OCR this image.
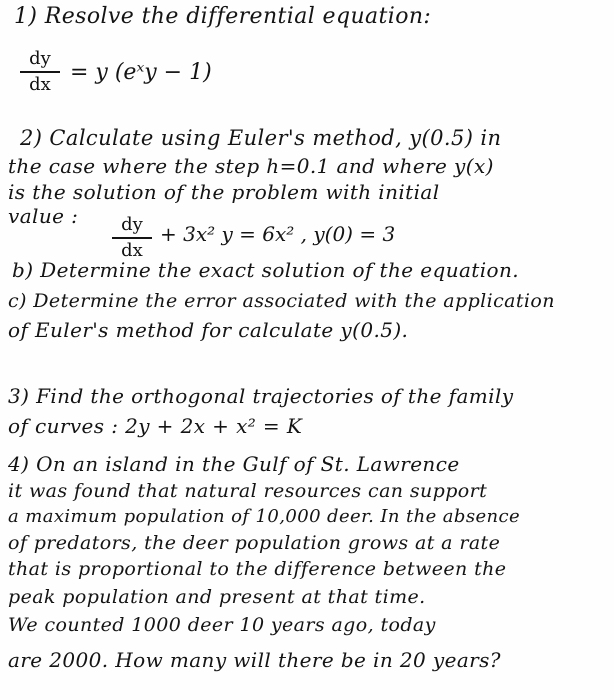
1) Resolve the differential equation:
dy
dx = y (eˣy − 1)
2) Calculate using Euler's method, y(0.5) in
the case where the step h=0.1 and where y(x)
is the solution of the problem with initial
value :	dy
dx
+ 3x² y = 6x² , y(0) = 3
b) Determine the exact solution of the equation.
c) Determine the error associated with the application
of Euler's method for calculate y(0.5).
3) Find the orthogonal trajectories of the family
of curves : 2y + 2x + x² = K
4) On an island in the Gulf of St. Lawrence
it was found that natural resources can support
a maximum population of 10,000 deer. In the absence
of predators, the deer population grows at a rate
that is proportional to the difference between the
peak population and present at that time.
We counted 1000 deer 10 years ago, today
are 2000. How many will there be in 20 years?
